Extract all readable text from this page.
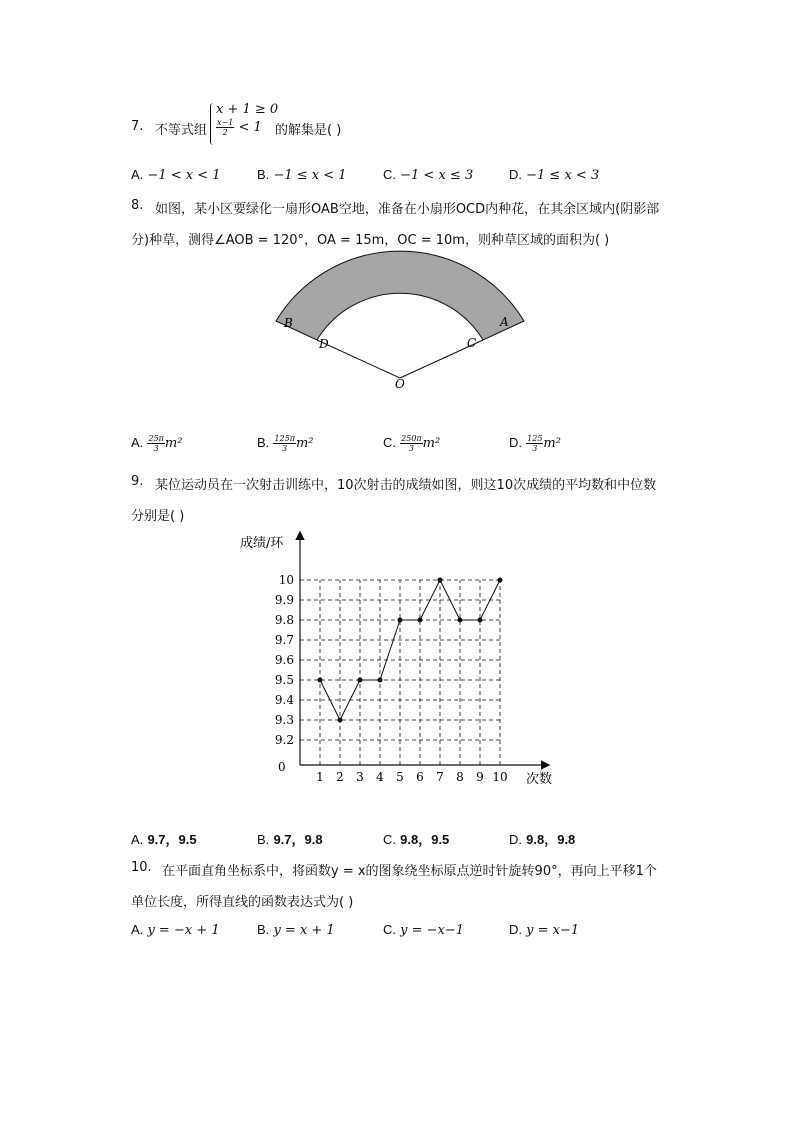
7. 不等式组
x + 1 ≥ 0
$\frac{x-1}{2} < 1$ 的解集是( )
A. −1 < x < 1	B. −1 ≤ x < 1	C. −1 < x ≤ 3	D. −1 ≤ x < 3
8. 如图，某小区要绿化一扇形OAB空地，准备在小扇形OCD内种花，在其余区域内(阴影部
分)种草，测得∠AOB = 120°，OA = 15m，OC = 10m，则种草区域的面积为( )
B	A
D	C
O
A. $\frac{25\pi}{3} m^2$	B. $\frac{125\pi}{3} m^2$	C. $\frac{250\pi}{3} m^2$	D. $\frac{125}{3} m^2$
9. 某位运动员在一次射击训练中，10次射击的成绩如图，则这10次成绩的平均数和中位数
分别是( )
成绩/环
次数
0
9.2
9.3
9.4
9.5
9.6
9.7
9.8
9.9
10
1 2 3 4 5 6 7 8 9 10
A. 9.7，9.5	B. 9.7，9.8	C. 9.8，9.5	D. 9.8，9.8
10. 在平面直角坐标系中，将函数y = x的图象绕坐标原点逆时针旋转90°，再向上平移1个
单位长度，所得直线的函数表达式为( )
A. y = −x + 1	B. y = x + 1	C. y = −x−1	D. y = x−1
